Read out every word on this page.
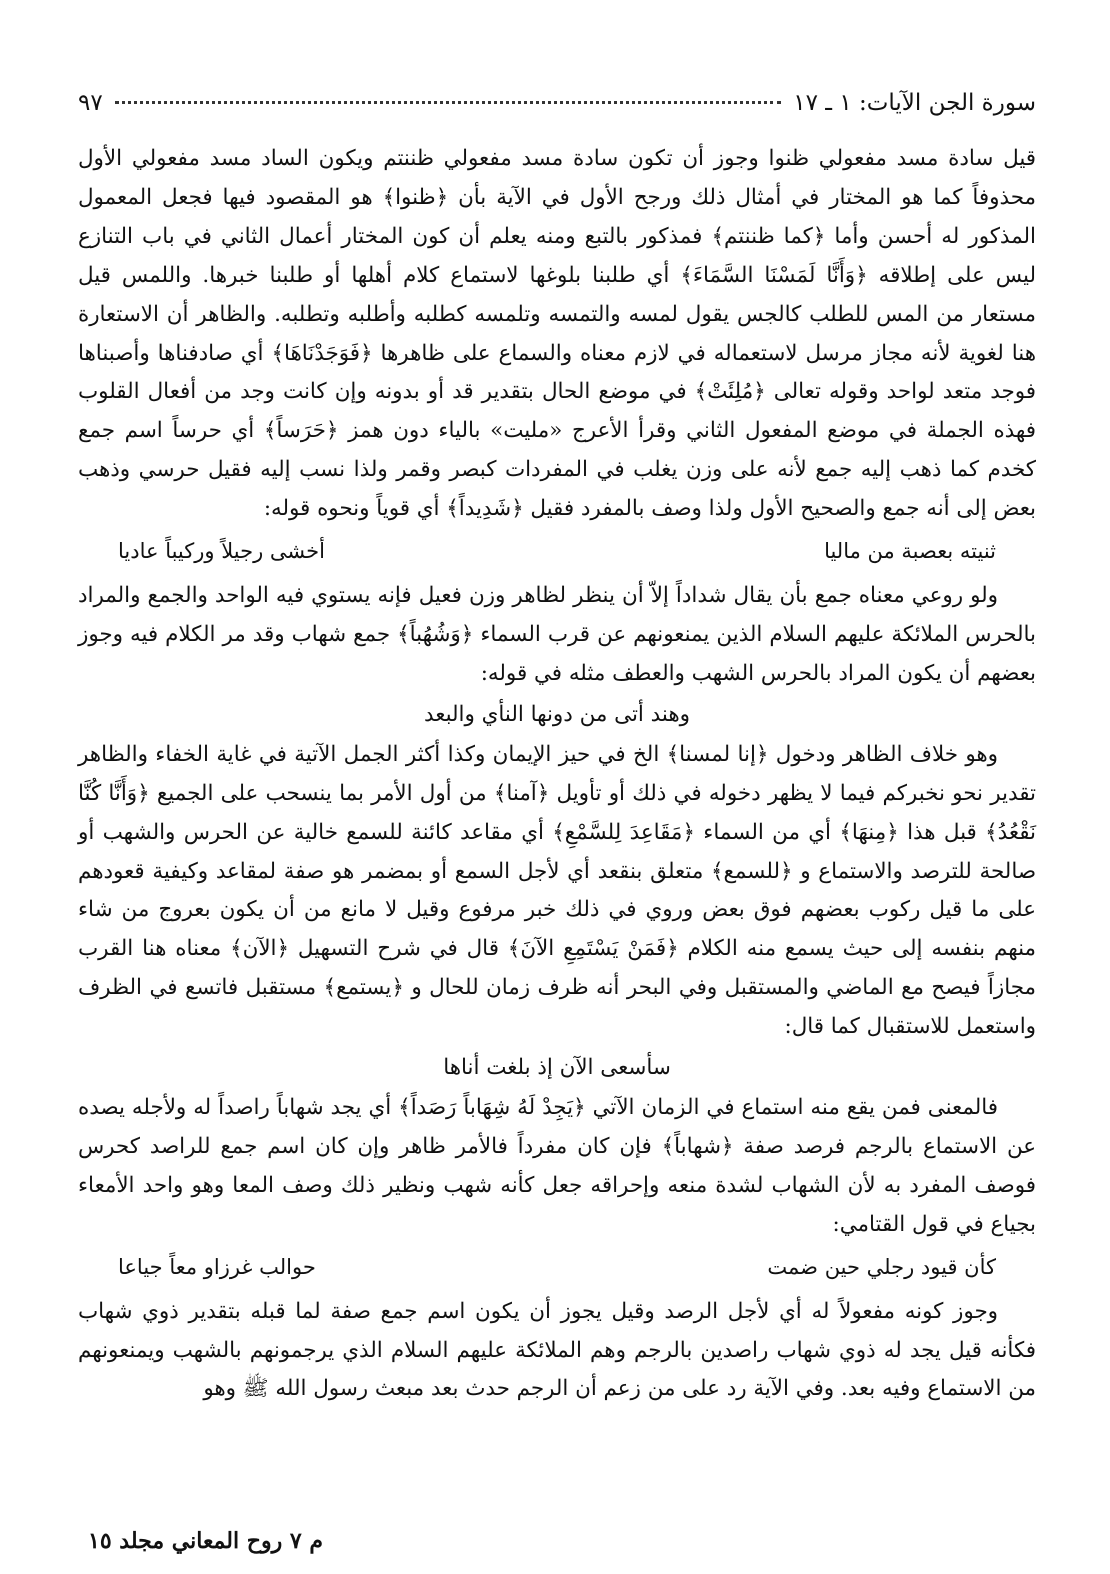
سورة الجن الآيات: ١ ـ ١٧
٩٧

قيل سادة مسد مفعولي ظنوا وجوز أن تكون سادة مسد مفعولي ظننتم ويكون الساد مسد مفعولي الأول محذوفاً كما هو المختار في أمثال ذلك ورجح الأول في الآية بأن ﴿ظنوا﴾ هو المقصود فيها فجعل المعمول المذكور له أحسن وأما ﴿كما ظننتم﴾ فمذكور بالتبع ومنه يعلم أن كون المختار أعمال الثاني في باب التنازع ليس على إطلاقه ﴿وَأَنَّا لَمَسْنَا السَّمَاءَ﴾ أي طلبنا بلوغها لاستماع كلام أهلها أو طلبنا خبرها. واللمس قيل مستعار من المس للطلب كالجس يقول لمسه والتمسه وتلمسه كطلبه وأطلبه وتطلبه. والظاهر أن الاستعارة هنا لغوية لأنه مجاز مرسل لاستعماله في لازم معناه والسماع على ظاهرها ﴿فَوَجَدْنَاهَا﴾ أي صادفناها وأصبناها فوجد متعد لواحد وقوله تعالى ﴿مُلِئَتْ﴾ في موضع الحال بتقدير قد أو بدونه وإن كانت وجد من أفعال القلوب فهذه الجملة في موضع المفعول الثاني وقرأ الأعرج «مليت» بالياء دون همز ﴿حَرَساً﴾ أي حرساً اسم جمع كخدم كما ذهب إليه جمع لأنه على وزن يغلب في المفردات كبصر وقمر ولذا نسب إليه فقيل حرسي وذهب بعض إلى أنه جمع والصحيح الأول ولذا وصف بالمفرد فقيل ﴿شَدِيداً﴾ أي قوياً ونحوه قوله:

ثنيته بعصبة من ماليا
أخشى رجيلاً وركيباً عاديا

ولو روعي معناه جمع بأن يقال شداداً إلاّ أن ينظر لظاهر وزن فعيل فإنه يستوي فيه الواحد والجمع والمراد بالحرس الملائكة عليهم السلام الذين يمنعونهم عن قرب السماء ﴿وَشُهُباً﴾ جمع شهاب وقد مر الكلام فيه وجوز بعضهم أن يكون المراد بالحرس الشهب والعطف مثله في قوله:

وهند أتى من دونها النأي والبعد

وهو خلاف الظاهر ودخول ﴿إنا لمسنا﴾ الخ في حيز الإيمان وكذا أكثر الجمل الآتية في غاية الخفاء والظاهر تقدير نحو نخبركم فيما لا يظهر دخوله في ذلك أو تأويل ﴿آمنا﴾ من أول الأمر بما ينسحب على الجميع ﴿وَأَنَّا كُنَّا نَقْعُدُ﴾ قبل هذا ﴿مِنهَا﴾ أي من السماء ﴿مَقَاعِدَ لِلسَّمْعِ﴾ أي مقاعد كائنة للسمع خالية عن الحرس والشهب أو صالحة للترصد والاستماع و ﴿للسمع﴾ متعلق بنقعد أي لأجل السمع أو بمضمر هو صفة لمقاعد وكيفية قعودهم على ما قيل ركوب بعضهم فوق بعض وروي في ذلك خبر مرفوع وقيل لا مانع من أن يكون بعروج من شاء منهم بنفسه إلى حيث يسمع منه الكلام ﴿فَمَنْ يَسْتَمِعِ الآنَ﴾ قال في شرح التسهيل ﴿الآن﴾ معناه هنا القرب مجازاً فيصح مع الماضي والمستقبل وفي البحر أنه ظرف زمان للحال و ﴿يستمع﴾ مستقبل فاتسع في الظرف واستعمل للاستقبال كما قال:

سأسعى الآن إذ بلغت أناها

فالمعنى فمن يقع منه استماع في الزمان الآتي ﴿يَجِدْ لَهُ شِهَاباً رَصَداً﴾ أي يجد شهاباً راصداً له ولأجله يصده عن الاستماع بالرجم فرصد صفة ﴿شهاباً﴾ فإن كان مفرداً فالأمر ظاهر وإن كان اسم جمع للراصد كحرس فوصف المفرد به لأن الشهاب لشدة منعه وإحراقه جعل كأنه شهب ونظير ذلك وصف المعا وهو واحد الأمعاء بجياع في قول القتامي:

كأن قيود رجلي حين ضمت
حوالب غرزاو معاً جياعا

وجوز كونه مفعولاً له أي لأجل الرصد وقيل يجوز أن يكون اسم جمع صفة لما قبله بتقدير ذوي شهاب فكأنه قيل يجد له ذوي شهاب راصدين بالرجم وهم الملائكة عليهم السلام الذي يرجمونهم بالشهب ويمنعونهم من الاستماع وفيه بعد. وفي الآية رد على من زعم أن الرجم حدث بعد مبعث رسول الله ﷺ وهو

م ٧ روح المعاني مجلد ١٥
